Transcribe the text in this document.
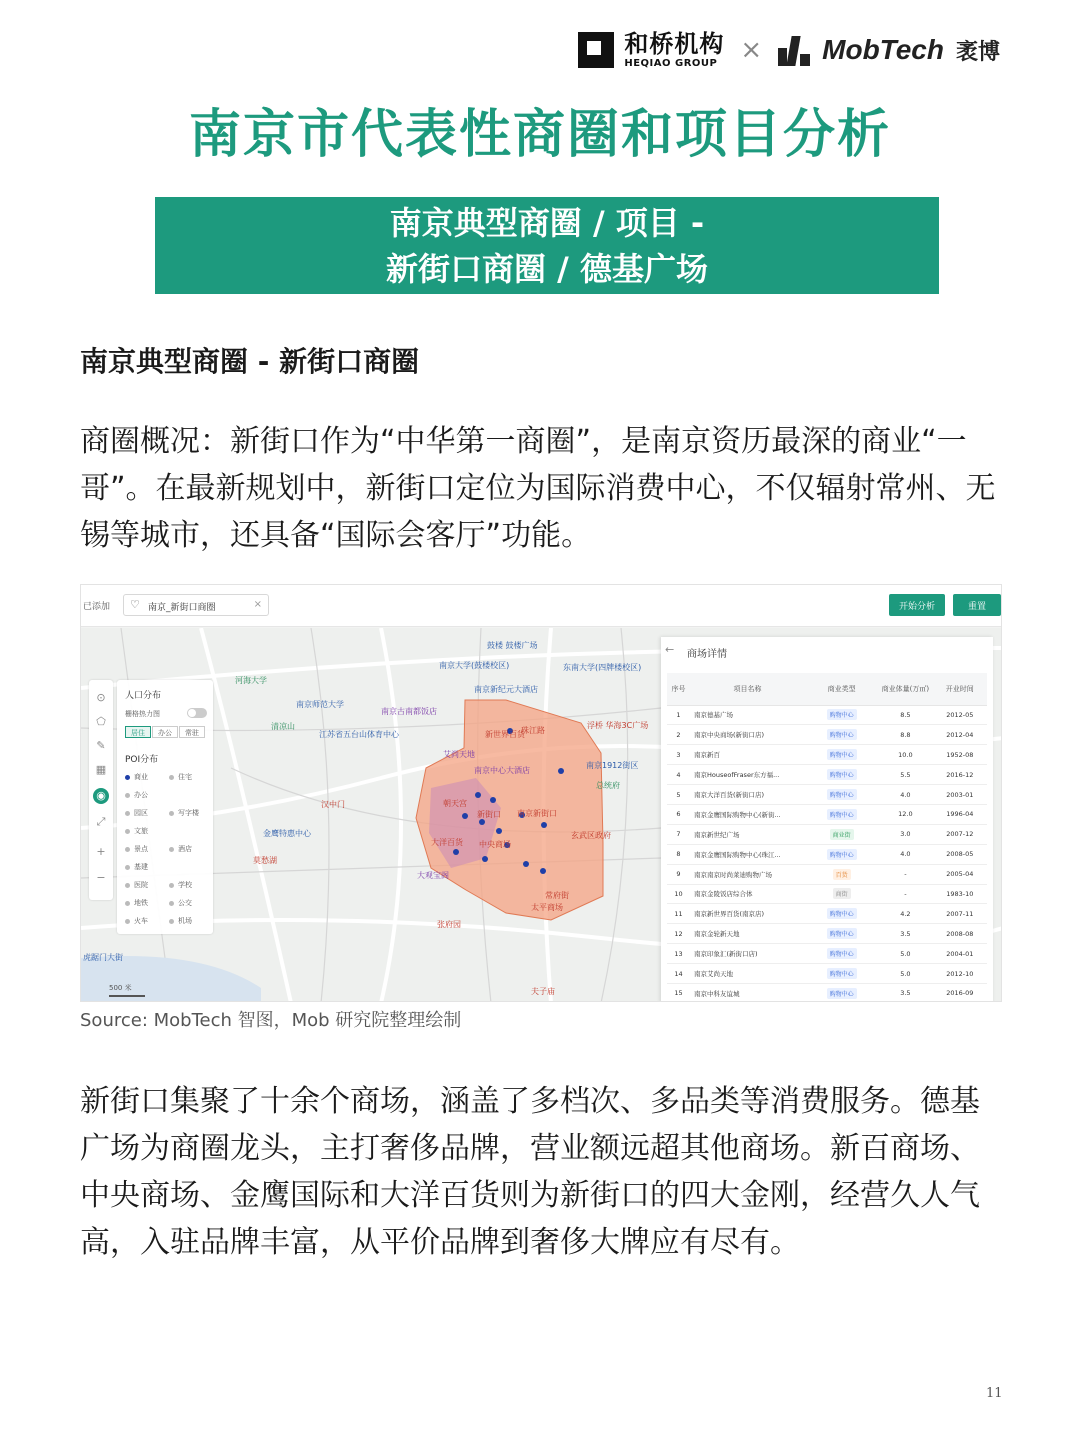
和桥机构
HEQIAO GROUP × MobTech 袤博
南京市代表性商圈和项目分析
南京典型商圈 / 项目 -
新街口商圈 / 德基广场
南京典型商圈 - 新街口商圈

商圈概况：新街口作为“中华第一商圈”，是南京资历最深的商业“一哥”。在最新规划中，新街口定位为国际消费中心，不仅辐射常州、无锡等城市，还具备“国际会客厅”功能。

已添加 ♡ 南京_新街口商圈	×	开始分析	重置
河海大学
南京大学(鼓楼校区)	东南大学(四牌楼校区)
南京新纪元大酒店
南京师范大学
南京古南都饭店
清凉山
江苏省五台山体育中心
艾尚天地
南京中心大酒店
南京1912街区
总统府
汉中门
金鹰特惠中心
莫愁湖
大观宝阁
南京新街口
新街口
大洋百货 中央商场
朝天宫
常府街
太平商场
张府园
浮桥 华海3C广场
珠江路
新世界百货
鼓楼 鼓楼广场
玄武区政府
夫子庙
虎踞门大街
⊙
⬠
✎
▦
◉
⤢
+
−
人口分布
栅格热力图
居住	办公	常驻
POI分布
商业	住宅
办公
园区	写字楼
文旅
景点	酒店
基建
医院	学校
地铁	公交
火车	机场
500 米
← 商场详情
序号	项目名称	商业类型	商业体量(万㎡)	开业时间
1	南京德基广场	购物中心	8.5	2012-05
2	南京中央商场(新街口店)	购物中心	8.8	2012-04
3	南京新百	购物中心	10.0	1952-08
4	南京HouseofFraser东方福...	购物中心	5.5	2016-12
5	南京大洋百货(新街口店)	购物中心	4.0	2003-01
6	南京金鹰国际购物中心(新街...	购物中心	12.0	1996-04
7	南京新世纪广场	商业街	3.0	2007-12
8	南京金鹰国际购物中心(珠江...	购物中心	4.0	2008-05
9	南京南京时尚莱迪购物广场	百货	-	2005-04
10	南京金陵饭店综合体	商街	-	1983-10
11	南京新世界百货(南京店)	购物中心	4.2	2007-11
12	南京金轮新天地	购物中心	3.5	2008-08
13	南京印象汇(新街口店)	购物中心	5.0	2004-01
14	南京艾尚天地	购物中心	5.0	2012-10
15	南京中科友谊城	购物中心	3.5	2016-09

Source: MobTech 智图，Mob 研究院整理绘制

新街口集聚了十余个商场，涵盖了多档次、多品类等消费服务。德基广场为商圈龙头，主打奢侈品牌，营业额远超其他商场。新百商场、中央商场、金鹰国际和大洋百货则为新街口的四大金刚，经营久人气高，入驻品牌丰富，从平价品牌到奢侈大牌应有尽有。

11
